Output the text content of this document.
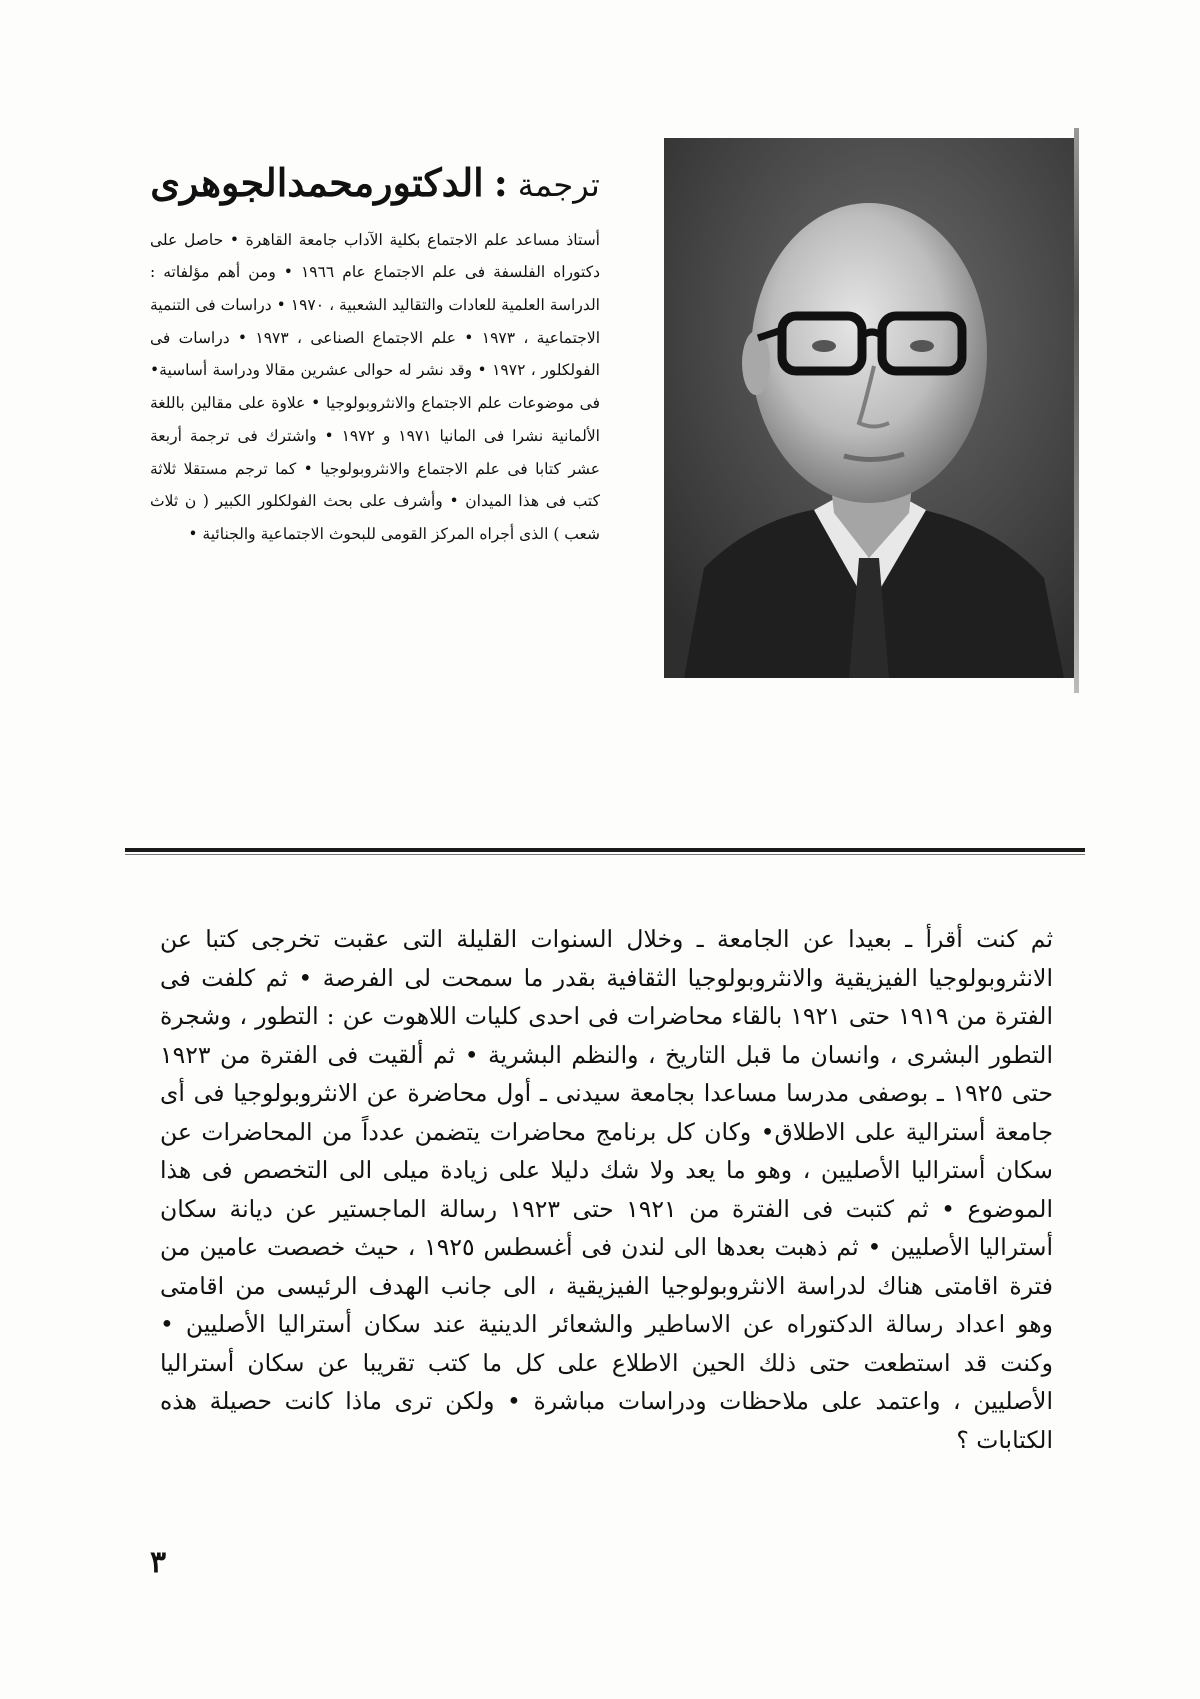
ترجمة:الدكتورمحمدالجوهرى

أستاذ مساعد علم الاجتماع بكلية الآداب جامعة القاهرة • حاصل على دكتوراه الفلسفة فى علم الاجتماع عام ١٩٦٦ • ومن أهم مؤلفاته : الدراسة العلمية للعادات والتقاليد الشعبية ، ١٩٧٠ • دراسات فى التنمية الاجتماعية ، ١٩٧٣ • علم الاجتماع الصناعى ، ١٩٧٣ • دراسات فى الفولكلور ، ١٩٧٢ • وقد نشر له حوالى عشرين مقالا ودراسة أساسية• فى موضوعات علم الاجتماع والانثروبولوجيا • علاوة على مقالين باللغة الألمانية نشرا فى المانيا ١٩٧١ و ١٩٧٢ • واشترك فى ترجمة أربعة عشر كتابا فى علم الاجتماع والانثروبولوجيا • كما ترجم مستقلا ثلاثة كتب فى هذا الميدان • وأشرف على بحث الفولكلور الكبير ( ن ثلاث شعب ) الذى أجراه المركز القومى للبحوث الاجتماعية والجنائية •

ثم كنت أقرأ ـ بعيدا عن الجامعة ـ وخلال السنوات القليلة التى عقبت تخرجى كتبا عن الانثروبولوجيا الفيزيقية والانثروبولوجيا الثقافية بقدر ما سمحت لى الفرصة • ثم كلفت فى الفترة من ١٩١٩ حتى ١٩٢١ بالقاء محاضرات فى احدى كليات اللاهوت عن : التطور ، وشجرة التطور البشرى ، وانسان ما قبل التاريخ ، والنظم البشرية • ثم ألقيت فى الفترة من ١٩٢٣ حتى ١٩٢٥ ـ بوصفى مدرسا مساعدا بجامعة سيدنى ـ أول محاضرة عن الانثروبولوجيا فى أى جامعة أسترالية على الاطلاق• وكان كل برنامج محاضرات يتضمن عدداً من المحاضرات عن سكان أستراليا الأصليين ، وهو ما يعد ولا شك دليلا على زيادة ميلى الى التخصص فى هذا الموضوع • ثم كتبت فى الفترة من ١٩٢١ حتى ١٩٢٣ رسالة الماجستير عن ديانة سكان أستراليا الأصليين • ثم ذهبت بعدها الى لندن فى أغسطس ١٩٢٥ ، حيث خصصت عامين من فترة اقامتى هناك لدراسة الانثروبولوجيا الفيزيقية ، الى جانب الهدف الرئيسى من اقامتى وهو اعداد رسالة الدكتوراه عن الاساطير والشعائر الدينية عند سكان أستراليا الأصليين • وكنت قد استطعت حتى ذلك الحين الاطلاع على كل ما كتب تقريبا عن سكان أستراليا الأصليين ، واعتمد على ملاحظات ودراسات مباشرة • ولكن ترى ماذا كانت حصيلة هذه الكتابات ؟

٣
